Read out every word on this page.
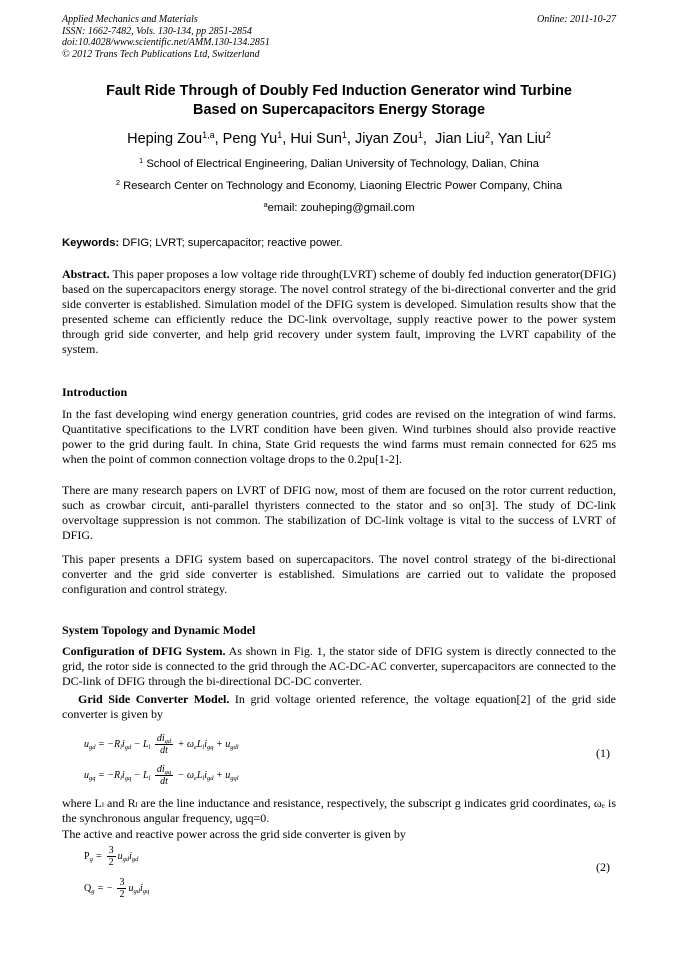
Applied Mechanics and Materials
ISSN: 1662-7482, Vols. 130-134, pp 2851-2854
doi:10.4028/www.scientific.net/AMM.130-134.2851
© 2012 Trans Tech Publications Ltd, Switzerland
Online: 2011-10-27
Fault Ride Through of Doubly Fed Induction Generator wind Turbine
Based on Supercapacitors Energy Storage
Heping Zou$^{1,a}$, Peng Yu$^1$, Hui Sun$^1$, Jiyan Zou$^1$,  Jian Liu$^2$, Yan Liu$^2$
$^1$ School of Electrical Engineering, Dalian University of Technology, Dalian, China
$^2$ Research Center on Technology and Economy, Liaoning Electric Power Company, China
$^a$email: zouheping@gmail.com
Keywords: DFIG; LVRT; supercapacitor; reactive power.
Abstract. This paper proposes a low voltage ride through(LVRT) scheme of doubly fed induction generator(DFIG) based on the supercapacitors energy storage. The novel control strategy of the bi-directional converter and the grid side converter is established. Simulation model of the DFIG system is developed. Simulation results show that the presented scheme can efficiently reduce the DC-link overvoltage, supply reactive power to the power system through grid side converter, and help grid recovery under system fault, improving the LVRT capability of the system.
Introduction
In the fast developing wind energy generation countries, grid codes are revised on the integration of wind farms. Quantitative specifications to the LVRT condition have been given. Wind turbines should also provide reactive power to the grid during fault. In china, State Grid requests the wind farms must remain connected for 625 ms when the point of common connection voltage drops to the 0.2pu[1-2].
There are many research papers on LVRT of DFIG now, most of them are focused on the rotor current reduction, such as crowbar circuit, anti-parallel thyristers connected to the stator and so on[3]. The study of DC-link overvoltage suppression is not common. The stabilization of DC-link voltage is vital to the success of LVRT of DFIG.
This paper presents a DFIG system based on supercapacitors. The novel control strategy of the bi-directional converter and the grid side converter is established. Simulations are carried out to validate the proposed configuration and control strategy.
System Topology and Dynamic Model
Configuration of DFIG System. As shown in Fig. 1, the stator side of DFIG system is directly connected to the grid, the rotor side is connected to the grid through the AC-DC-AC converter, supercapacitors are connected to the DC-link of DFIG through the bi-directional DC-DC converter.
Grid Side Converter Model. In grid voltage oriented reference, the voltage equation[2] of the grid side converter is given by
$u_{gd} = -R_li_{gd} - L_l \frac{di_{gd}}{dt} + \omega_eL_li_{gq} + u_{gdl}$	(1)
$u_{gq} = -R_li_{gq} - L_l \frac{di_{gq}}{dt} - \omega_eL_li_{gd} + u_{gql}$
where Lₗ and Rₗ are the line inductance and resistance, respectively, the subscript g indicates grid coordinates, ωₑ is the synchronous angular frequency, ugq=0.
The active and reactive power across the grid side converter is given by
$P_g = \frac{3}{2} u_{gd}i_{gd}$
(2)
$Q_g$ = − $\frac{3}{2} u_{gd}i_{gq}$
